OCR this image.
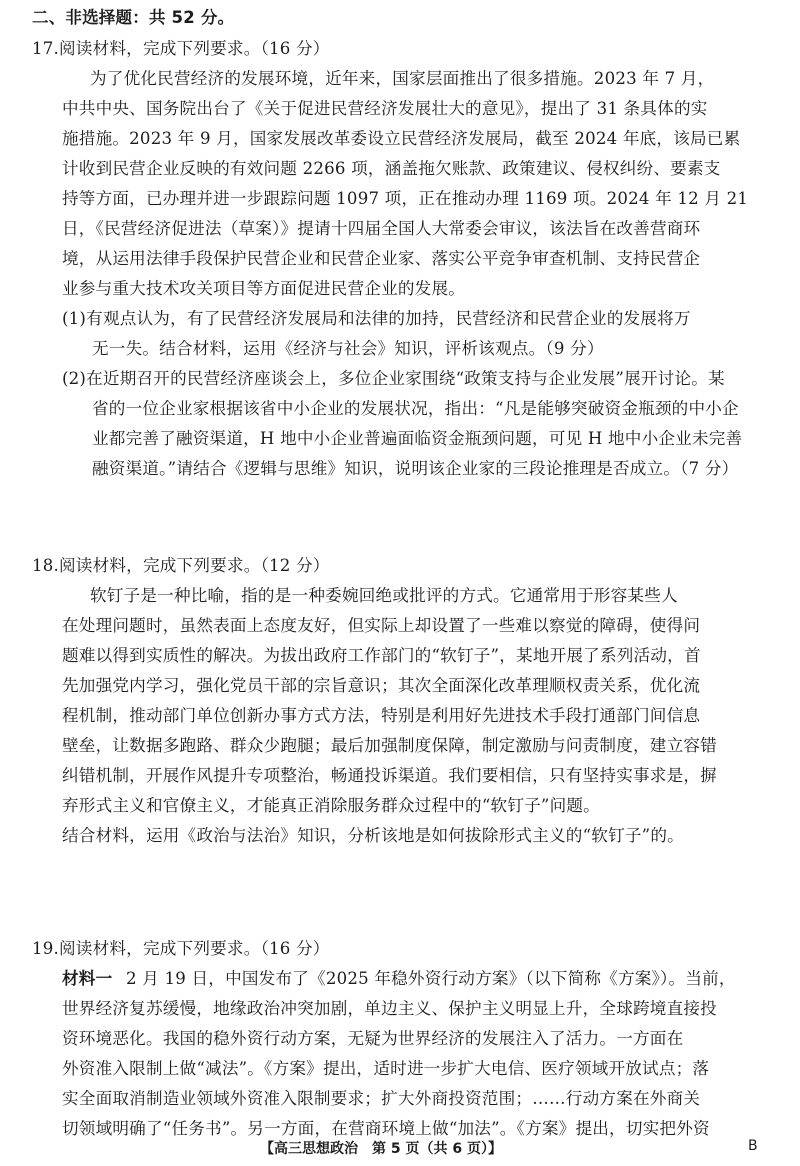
二、非选择题：共 52 分。
17.阅读材料，完成下列要求。（16 分）
为了优化民营经济的发展环境，近年来，国家层面推出了很多措施。2023 年 7 月，
中共中央、国务院出台了《关于促进民营经济发展壮大的意见》，提出了 31 条具体的实
施措施。2023 年 9 月，国家发展改革委设立民营经济发展局，截至 2024 年底，该局已累
计收到民营企业反映的有效问题 2266 项，涵盖拖欠账款、政策建议、侵权纠纷、要素支
持等方面，已办理并进一步跟踪问题 1097 项，正在推动办理 1169 项。2024 年 12 月 21
日，《民营经济促进法（草案）》提请十四届全国人大常委会审议，该法旨在改善营商环
境，从运用法律手段保护民营企业和民营企业家、落实公平竞争审查机制、支持民营企
业参与重大技术攻关项目等方面促进民营企业的发展。
(1)有观点认为，有了民营经济发展局和法律的加持，民营经济和民营企业的发展将万
无一失。结合材料，运用《经济与社会》知识，评析该观点。（9 分）
(2)在近期召开的民营经济座谈会上，多位企业家围绕“政策支持与企业发展”展开讨论。某
省的一位企业家根据该省中小企业的发展状况，指出：“凡是能够突破资金瓶颈的中小企
业都完善了融资渠道，H 地中小企业普遍面临资金瓶颈问题，可见 H 地中小企业未完善
融资渠道。”请结合《逻辑与思维》知识，说明该企业家的三段论推理是否成立。（7 分）
18.阅读材料，完成下列要求。（12 分）
软钉子是一种比喻，指的是一种委婉回绝或批评的方式。它通常用于形容某些人
在处理问题时，虽然表面上态度友好，但实际上却设置了一些难以察觉的障碍，使得问
题难以得到实质性的解决。为拔出政府工作部门的“软钉子”，某地开展了系列活动，首
先加强党内学习，强化党员干部的宗旨意识；其次全面深化改革理顺权责关系，优化流
程机制，推动部门单位创新办事方式方法，特别是利用好先进技术手段打通部门间信息
壁垒，让数据多跑路、群众少跑腿；最后加强制度保障，制定激励与问责制度，建立容错
纠错机制，开展作风提升专项整治，畅通投诉渠道。我们要相信，只有坚持实事求是，摒
弃形式主义和官僚主义，才能真正消除服务群众过程中的“软钉子”问题。
结合材料，运用《政治与法治》知识，分析该地是如何拔除形式主义的“软钉子”的。
19.阅读材料，完成下列要求。（16 分）
材料一 2 月 19 日，中国发布了《2025 年稳外资行动方案》（以下简称《方案》）。当前，
世界经济复苏缓慢，地缘政治冲突加剧，单边主义、保护主义明显上升，全球跨境直接投
资环境恶化。我国的稳外资行动方案，无疑为世界经济的发展注入了活力。一方面在
外资准入限制上做“减法”。《方案》提出，适时进一步扩大电信、医疗领域开放试点；落
实全面取消制造业领域外资准入限制要求；扩大外商投资范围；……行动方案在外商关
切领域明确了“任务书”。另一方面，在营商环境上做“加法”。《方案》提出，切实把外资
【高三思想政治　第 5 页（共 6 页）】	B
